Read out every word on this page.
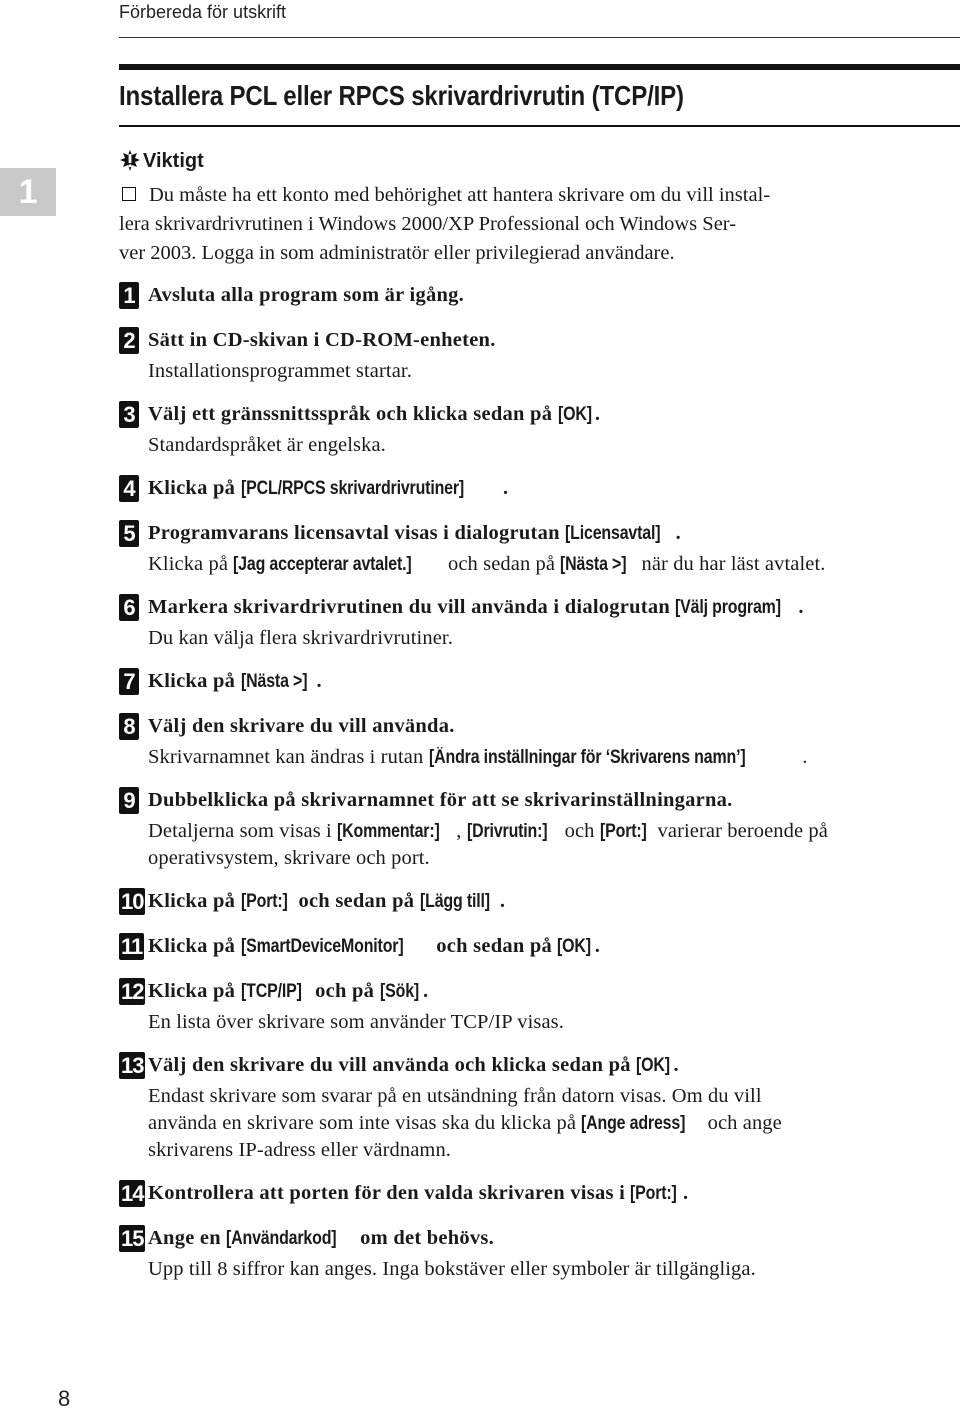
Förbereda för utskrift
Installera PCL eller RPCS skrivardrivrutin (TCP/IP)
1
8
Viktigt
Du måste ha ett konto med behörighet att hantera skrivare om du vill instal-
lera skrivardrivrutinen i Windows 2000/XP Professional och Windows Ser-
ver 2003. Logga in som administratör eller privilegierad användare.
1 Avsluta alla program som är igång.
2 Sätt in CD-skivan i CD-ROM-enheten.
Installationsprogrammet startar.
3 Välj ett gränssnittsspråk och klicka sedan på [OK] .
Standardspråket är engelska.
4 Klicka på [PCL/RPCS skrivardrivrutiner] .
5 Programvarans licensavtal visas i dialogrutan [Licensavtal] .
Klicka på [Jag accepterar avtalet.] och sedan på [Nästa >] när du har läst avtalet.
6 Markera skrivardrivrutinen du vill använda i dialogrutan [Välj program] .
Du kan välja flera skrivardrivrutiner.
7 Klicka på [Nästa >] .
8 Välj den skrivare du vill använda.
Skrivarnamnet kan ändras i rutan [Ändra inställningar för ‘Skrivarens namn’]	.
9 Dubbelklicka på skrivarnamnet för att se skrivarinställningarna.
Detaljerna som visas i [Kommentar:] , [Drivrutin:] och [Port:] varierar beroende på
operativsystem, skrivare och port.
10 Klicka på [Port:] och sedan på [Lägg till] .
11 Klicka på [SmartDeviceMonitor] och sedan på [OK] .
12 Klicka på [TCP/IP] och på [Sök] .
En lista över skrivare som använder TCP/IP visas.
13 Välj den skrivare du vill använda och klicka sedan på [OK] .
Endast skrivare som svarar på en utsändning från datorn visas. Om du vill
använda en skrivare som inte visas ska du klicka på [Ange adress] och ange
skrivarens IP-adress eller värdnamn.
14 Kontrollera att porten för den valda skrivaren visas i [Port:] .
15 Ange en [Användarkod] om det behövs.
Upp till 8 siffror kan anges. Inga bokstäver eller symboler är tillgängliga.
